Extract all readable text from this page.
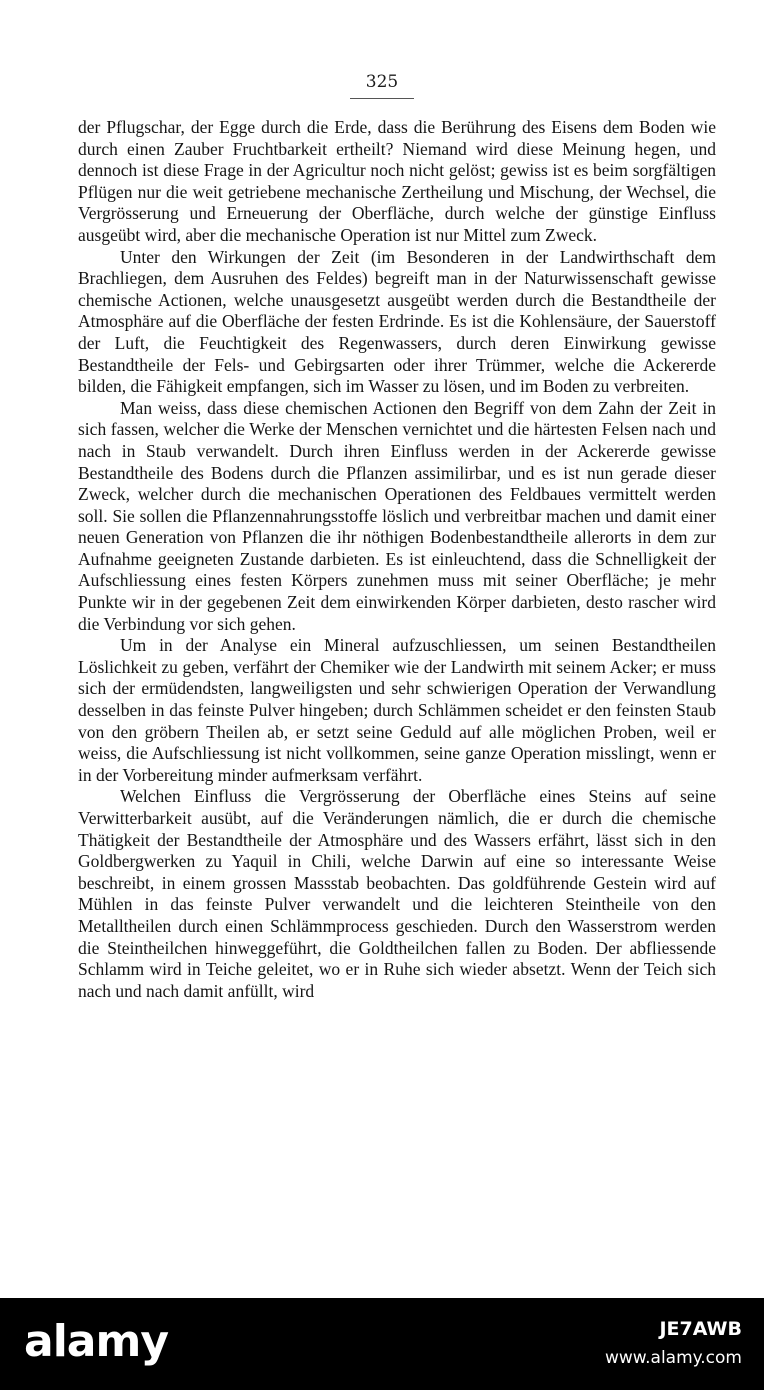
325

der Pflugschar, der Egge durch die Erde, dass die Berührung des Eisens dem Boden wie durch einen Zauber Fruchtbarkeit ertheilt? Niemand wird diese Meinung hegen, und dennoch ist diese Frage in der Agricultur noch nicht gelöst; gewiss ist es beim sorgfältigen Pflügen nur die weit getriebene mechanische Zertheilung und Mischung, der Wechsel, die Vergrösserung und Erneuerung der Oberfläche, durch welche der günstige Einfluss ausgeübt wird, aber die mechanische Operation ist nur Mittel zum Zweck.

Unter den Wirkungen der Zeit (im Besonderen in der Landwirthschaft dem Brachliegen, dem Ausruhen des Feldes) begreift man in der Naturwissenschaft gewisse chemische Actionen, welche unausgesetzt ausgeübt werden durch die Bestandtheile der Atmosphäre auf die Oberfläche der festen Erdrinde. Es ist die Kohlensäure, der Sauerstoff der Luft, die Feuchtigkeit des Regenwassers, durch deren Einwirkung gewisse Bestandtheile der Fels- und Gebirgsarten oder ihrer Trümmer, welche die Ackererde bilden, die Fähigkeit empfangen, sich im Wasser zu lösen, und im Boden zu verbreiten.

Man weiss, dass diese chemischen Actionen den Begriff von dem Zahn der Zeit in sich fassen, welcher die Werke der Menschen vernichtet und die härtesten Felsen nach und nach in Staub verwandelt. Durch ihren Einfluss werden in der Ackererde gewisse Bestandtheile des Bodens durch die Pflanzen assimilirbar, und es ist nun gerade dieser Zweck, welcher durch die mechanischen Operationen des Feldbaues vermittelt werden soll. Sie sollen die Pflanzennahrungsstoffe löslich und verbreitbar machen und damit einer neuen Generation von Pflanzen die ihr nöthigen Bodenbestandtheile allerorts in dem zur Aufnahme geeigneten Zustande darbieten. Es ist einleuchtend, dass die Schnelligkeit der Aufschliessung eines festen Körpers zunehmen muss mit seiner Oberfläche; je mehr Punkte wir in der gegebenen Zeit dem einwirkenden Körper darbieten, desto rascher wird die Verbindung vor sich gehen.

Um in der Analyse ein Mineral aufzuschliessen, um seinen Bestandtheilen Löslichkeit zu geben, verfährt der Chemiker wie der Landwirth mit seinem Acker; er muss sich der ermüdendsten, langweiligsten und sehr schwierigen Operation der Verwandlung desselben in das feinste Pulver hingeben; durch Schlämmen scheidet er den feinsten Staub von den gröbern Theilen ab, er setzt seine Geduld auf alle möglichen Proben, weil er weiss, die Aufschliessung ist nicht vollkommen, seine ganze Operation misslingt, wenn er in der Vorbereitung minder aufmerksam verfährt.

Welchen Einfluss die Vergrösserung der Oberfläche eines Steins auf seine Verwitterbarkeit ausübt, auf die Veränderungen nämlich, die er durch die chemische Thätigkeit der Bestandtheile der Atmosphäre und des Wassers erfährt, lässt sich in den Goldbergwerken zu Yaquil in Chili, welche Darwin auf eine so interessante Weise beschreibt, in einem grossen Massstab beobachten. Das goldführende Gestein wird auf Mühlen in das feinste Pulver verwandelt und die leichteren Steintheile von den Metalltheilen durch einen Schlämmprocess geschieden. Durch den Wasserstrom werden die Steintheilchen hinweggeführt, die Goldtheilchen fallen zu Boden. Der abfliessende Schlamm wird in Teiche geleitet, wo er in Ruhe sich wieder absetzt. Wenn der Teich sich nach und nach damit anfüllt, wird

alamy	JE7AWB
www.alamy.com
